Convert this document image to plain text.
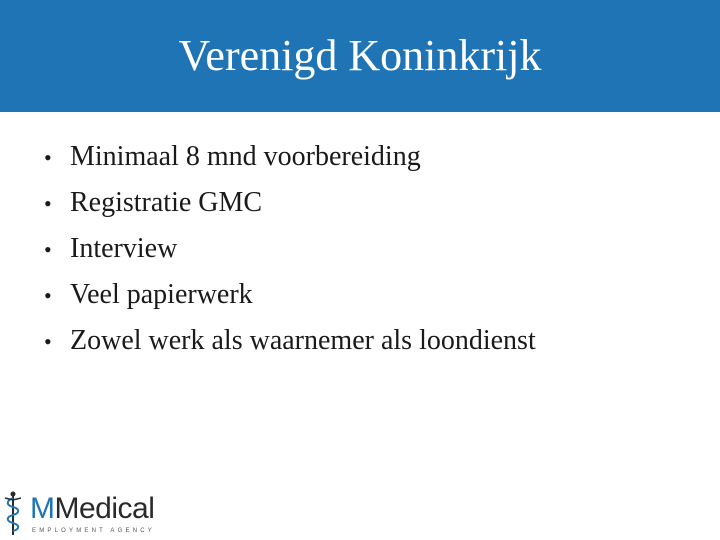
Verenigd Koninkrijk
• Minimaal 8 mnd voorbereiding
• Registratie GMC
• Interview
• Veel papierwerk
• Zowel werk als waarnemer als loondienst
MMedical
EMPLOYMENT AGENCY
